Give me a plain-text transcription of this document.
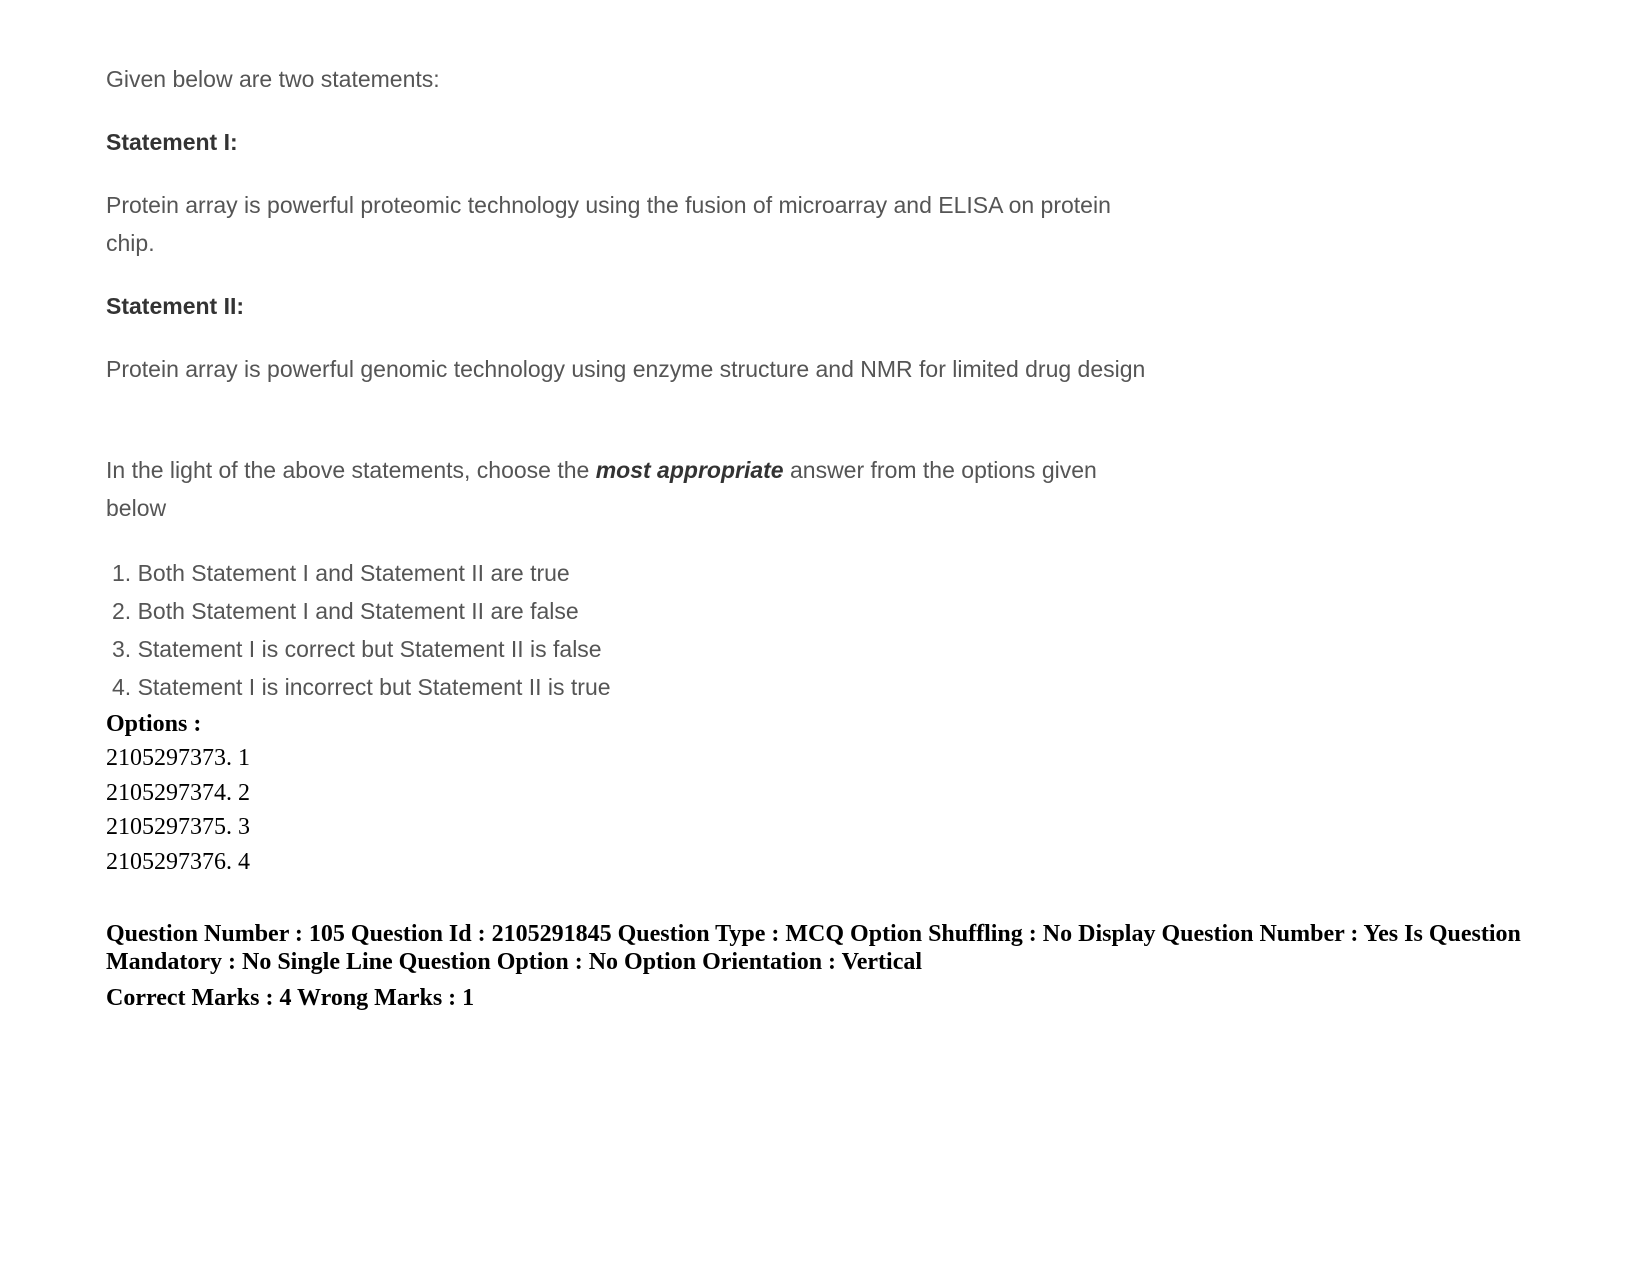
Given below are two statements:

Statement I:

Protein array is powerful proteomic technology using the fusion of microarray and ELISA on protein chip.

Statement II:

Protein array is powerful genomic technology using enzyme structure and NMR for limited drug design

In the light of the above statements, choose the most appropriate answer from the options given below

1. Both Statement I and Statement II are true
2. Both Statement I and Statement II are false
3. Statement I is correct but Statement II is false
4. Statement I is incorrect but Statement II is true
Options :
2105297373. 1
2105297374. 2
2105297375. 3
2105297376. 4
Question Number : 105 Question Id : 2105291845 Question Type : MCQ Option Shuffling : No Display Question Number : Yes Is Question Mandatory : No Single Line Question Option : No Option Orientation : Vertical
Correct Marks : 4 Wrong Marks : 1
